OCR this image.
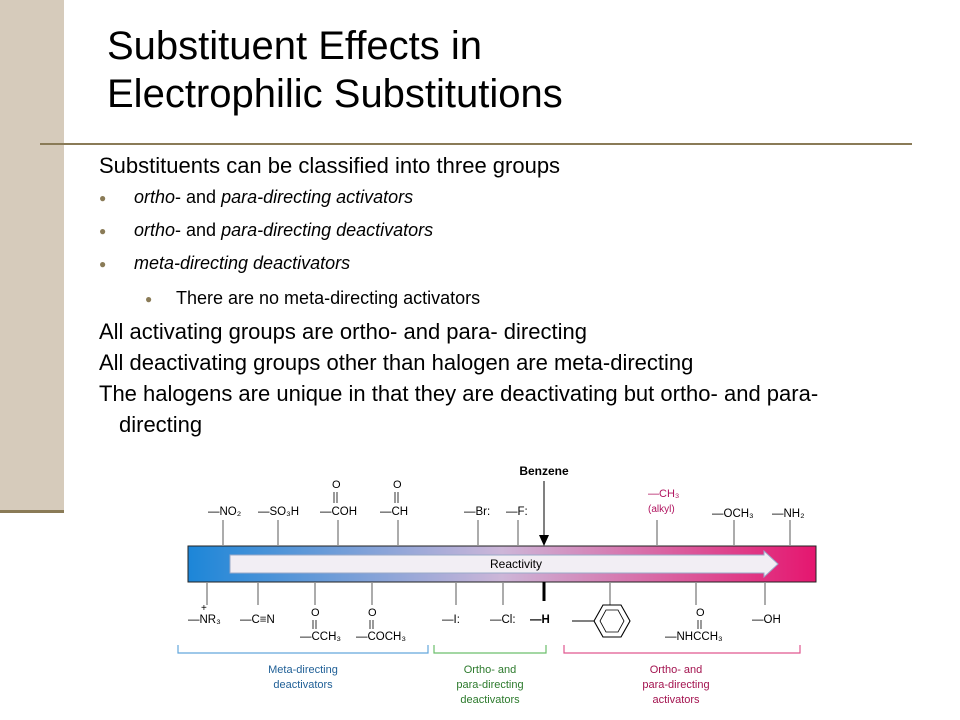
Substituent Effects in
Electrophilic Substitutions

Substituents can be classified into three groups

● ortho- and para-directing activators

● ortho- and para-directing deactivators

● meta-directing deactivators

● There are no meta-directing activators

All activating groups are ortho- and para- directing

All deactivating groups other than halogen are meta-directing

The halogens are unique in that they are deactivating but ortho- and para-directing

Benzene
—NO₂ —SO₃H
O
—COH
O
—CH	—Br: —F:
—CH₃
(alkyl)	—OCH₃ —NH₂
Reactivity
+
—NR₃ —C≡N
O
—CCH₃
O
—COCH₃
—I:	—Cl: —H
O
—NHCCH₃
—OH
Meta-directing
deactivators
Ortho- and
para-directing
deactivators
Ortho- and
para-directing
activators
